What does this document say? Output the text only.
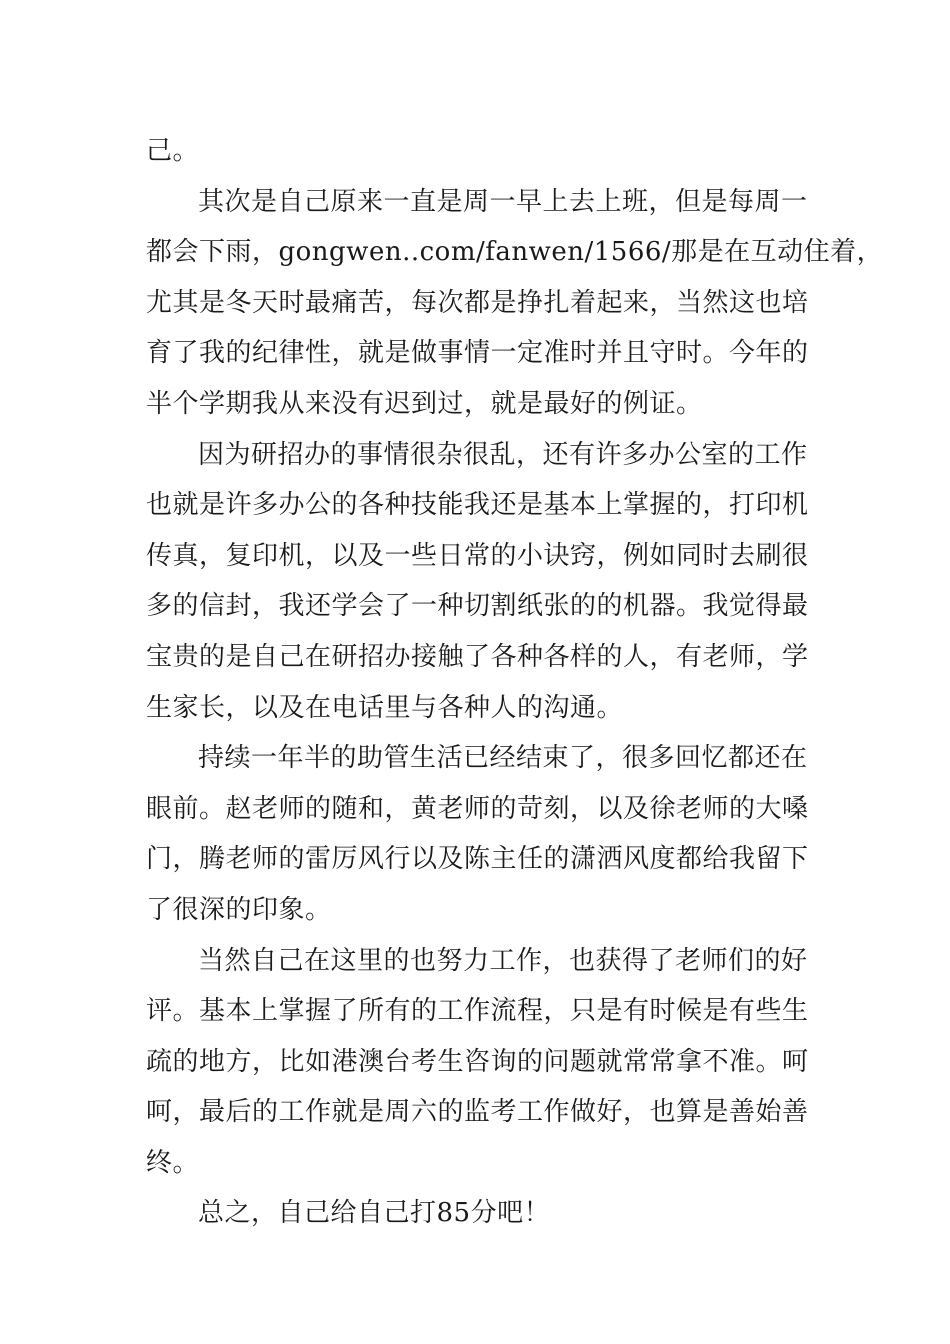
己。
其次是自己原来一直是周一早上去上班，但是每周一
都会下雨，gongwen..com/fanwen/1566/那是在互动住着，
尤其是冬天时最痛苦，每次都是挣扎着起来，当然这也培
育了我的纪律性，就是做事情一定准时并且守时。今年的
半个学期我从来没有迟到过，就是最好的例证。
因为研招办的事情很杂很乱，还有许多办公室的工作
也就是许多办公的各种技能我还是基本上掌握的，打印机
传真，复印机，以及一些日常的小诀窍，例如同时去刷很
多的信封，我还学会了一种切割纸张的的机器。我觉得最
宝贵的是自己在研招办接触了各种各样的人，有老师，学
生家长，以及在电话里与各种人的沟通。
持续一年半的助管生活已经结束了，很多回忆都还在
眼前。赵老师的随和，黄老师的苛刻，以及徐老师的大嗓
门，腾老师的雷厉风行以及陈主任的潇洒风度都给我留下
了很深的印象。
当然自己在这里的也努力工作，也获得了老师们的好
评。基本上掌握了所有的工作流程，只是有时候是有些生
疏的地方，比如港澳台考生咨询的问题就常常拿不准。呵
呵，最后的工作就是周六的监考工作做好，也算是善始善
终。
总之，自己给自己打85分吧！
